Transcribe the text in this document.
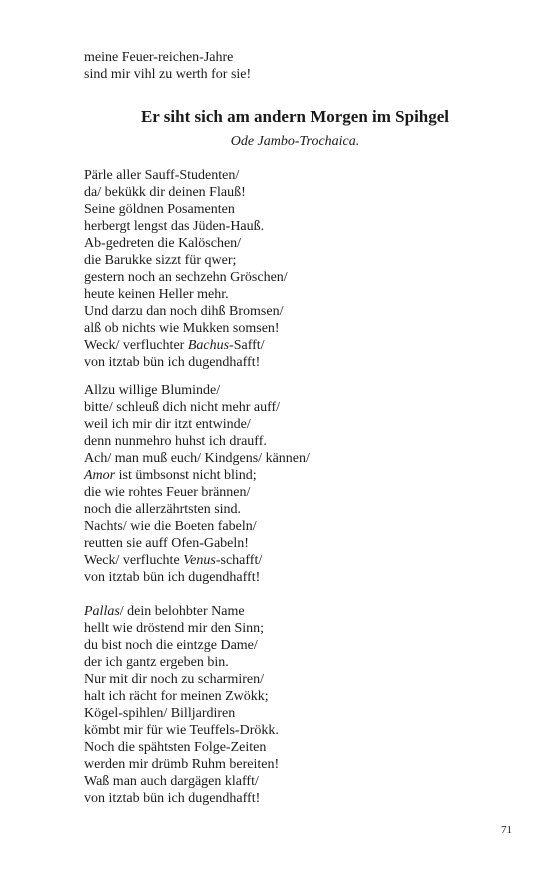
meine Feuer-reichen-Jahre
sind mir vihl zu werth for sie!
Er siht sich am andern Morgen im Spihgel
Ode Jambo-Trochaica.
Pärle aller Sauff-Studenten/
da/ bekükk dir deinen Flauß!
Seine göldnen Posamenten
herbergt lengst das Jüden-Hauß.
Ab-gedreten die Kalöschen/
die Barukke sizzt für qwer;
gestern noch an sechzehn Gröschen/
heute keinen Heller mehr.
Und darzu dan noch dihß Bromsen/
alß ob nichts wie Mukken somsen!
Weck/ verfluchter Bachus-Safft/
von itztab bün ich dugendhafft!
Allzu willige Bluminde/
bitte/ schleuß dich nicht mehr auff/
weil ich mir dir itzt entwinde/
denn nunmehro huhst ich drauff.
Ach/ man muß euch/ Kindgens/ kännen/
Amor ist ümbsonst nicht blind;
die wie rohtes Feuer brännen/
noch die allerzährtsten sind.
Nachts/ wie die Boeten fabeln/
reutten sie auff Ofen-Gabeln!
Weck/ verfluchte Venus-schafft/
von itztab bün ich dugendhafft!
Pallas/ dein belohbter Name
hellt wie dröstend mir den Sinn;
du bist noch die eintzge Dame/
der ich gantz ergeben bin.
Nur mit dir noch zu scharmiren/
halt ich rächt for meinen Zwökk;
Kögel-spihlen/ Billjardiren
kömbt mir für wie Teuffels-Drökk.
Noch die spähtsten Folge-Zeiten
werden mir drümb Ruhm bereiten!
Waß man auch dargägen klafft/
von itztab bün ich dugendhafft!
71
